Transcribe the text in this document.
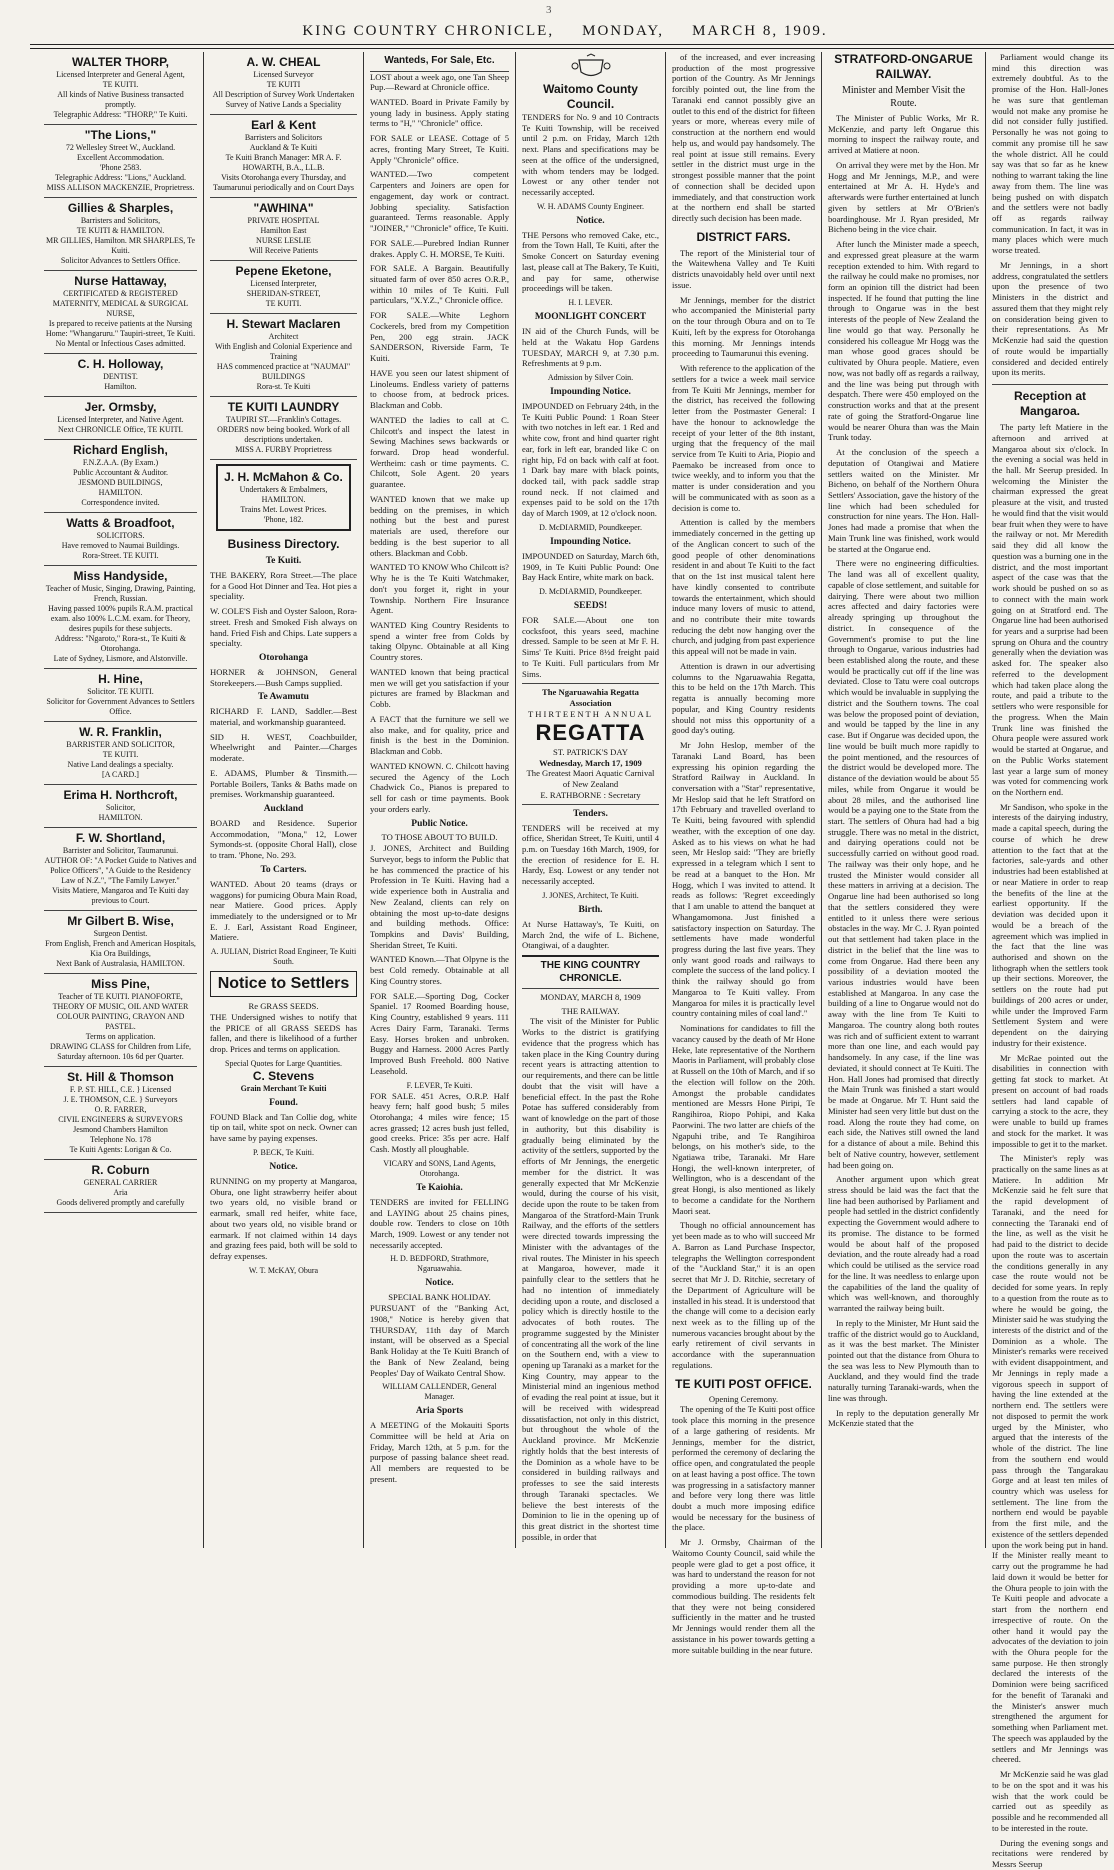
3
KING COUNTRY CHRONICLE, MONDAY, MARCH 8, 1909.
WALTER THORP,
Licensed Interpreter and General Agent,
TE KUITI.
All kinds of Native Business transacted promptly.
Telegraphic Address: "THORP," Te Kuiti.
"The Lions,"
72 Wellesley Street W., Auckland.
Excellent Accommodation.
'Phone 2583.
Telegraphic Address: "Lions," Auckland.
MISS ALLISON MACKENZIE, Proprietress.
Gillies & Sharples,
Barristers and Solicitors,
TE KUITI & HAMILTON.
MR GILLIES, Hamilton. MR SHARPLES, Te Kuiti.
Solicitor Advances to Settlers Office.
Nurse Hattaway,
CERTIFICATED & REGISTERED MATERNITY, MEDICAL & SURGICAL NURSE,
Is prepared to receive patients at the Nursing Home: "Whangaruru." Taupiri-street, Te Kuiti.
No Mental or Infectious Cases admitted.
C. H. Holloway,
DENTIST.
Hamilton.
Jer. Ormsby,
Licensed Interpreter, and Native Agent.
Next CHRONICLE Office, TE KUITI.
Richard English,
F.N.Z.A.A. (By Exam.)
Public Accountant & Auditor.
JESMOND BUILDINGS,
HAMILTON.
Correspondence invited.
Watts & Broadfoot,
SOLICITORS.
Have removed to Naumai Buildings.
Rora-Street. TE KUITI.
Miss Handyside,
Teacher of Music, Singing, Drawing, Painting, French, Russian.
Having passed 100% pupils R.A.M. practical exam. also 100% L.C.M. exam. for Theory, desires pupils for these subjects.
Address: "Ngaroto," Rora-st., Te Kuiti & Otorohanga.
Late of Sydney, Lismore, and Alstonville.
H. Hine,
Solicitor. TE KUITI.
Solicitor for Government Advances to Settlers Office.
W. R. Franklin,
BARRISTER AND SOLICITOR,
TE KUITI.
Native Land dealings a specialty.
[A CARD.]
Erima H. Northcroft,
Solicitor,
HAMILTON.
F. W. Shortland,
Barrister and Solicitor, Taumarunui.
AUTHOR OF: "A Pocket Guide to Natives and Police Officers", "A Guide to the Residency Law of N.Z.", "The Family Lawyer."
Visits Matiere, Mangaroa and Te Kuiti day previous to Court.
Mr Gilbert B. Wise,
Surgeon Dentist.
From English, French and American Hospitals,
Kia Ora Buildings,
Next Bank of Australasia, HAMILTON.
Miss Pine,
Teacher of TE KUITI. PIANOFORTE, THEORY OF MUSIC, OIL AND WATER COLOUR PAINTING, CRAYON AND PASTEL.
Terms on application.
DRAWING CLASS for Children from Life, Saturday afternoon. 10s 6d per Quarter.
St. Hill & Thomson
F. P. ST. HILL, C.E. } Licensed
J. E. THOMSON, C.E. } Surveyors
O. R. FARRER,
CIVIL ENGINEERS & SURVEYORS
Jesmond Chambers Hamilton
Telephone No. 178
Te Kuiti Agents: Lorigan & Co.
R. Coburn
GENERAL CARRIER
Aria
Goods delivered promptly and carefully
A. W. CHEAL
Licensed Surveyor
TE KUITI
All Description of Survey Work Undertaken
Survey of Native Lands a Speciality
Earl & Kent
Barristers and Solicitors
Auckland & Te Kuiti
Te Kuiti Branch Manager: MR A. F. HOWARTH, B.A., LL.B.
Visits Otorohanga every Thursday, and Taumarunui periodically and on Court Days
"AWHINA"
PRIVATE HOSPITAL
Hamilton East
NURSE LESLIE
Will Receive Patients
Pepene Eketone,
Licensed Interpreter,
SHERIDAN-STREET,
TE KUITI.
H. Stewart Maclaren
Architect
With English and Colonial Experience and Training
HAS commenced practice at "NAUMAI" BUILDINGS
Rora-st. Te Kuiti
TE KUITI LAUNDRY
TAUPIRI ST.—Franklin's Cottages.
ORDERS now being booked. Work of all descriptions undertaken.
MISS A. FURBY Proprietress
J. H. McMahon & Co.
Undertakers & Embalmers,
HAMILTON.
Trains Met. Lowest Prices.
'Phone, 182.
Business Directory.
Te Kuiti.

THE BAKERY, Rora Street.—The place for a Good Hot Dinner and Tea. Hot pies a speciality.

W. COLE'S Fish and Oyster Saloon, Rora-street. Fresh and Smoked Fish always on hand. Fried Fish and Chips. Late suppers a specialty.

Otorohanga

HORNER & JOHNSON, General Storekeepers.—Bush Camps supplied.

Te Awamutu

RICHARD F. LAND, Saddler.—Best material, and workmanship guaranteed.

SID H. WEST, Coachbuilder, Wheelwright and Painter.—Charges moderate.

E. ADAMS, Plumber & Tinsmith.—Portable Boilers, Tanks & Baths made on premises. Workmanship guaranteed.

Auckland

BOARD and Residence. Superior Accommodation, "Mona," 12, Lower Symonds-st. (opposite Choral Hall), close to tram. 'Phone, No. 293.

To Carters.

WANTED. About 20 teams (drays or waggons) for pumicing Obura Main Road, near Matiere. Good prices. Apply immediately to the undersigned or to Mr E. J. Earl, Assistant Road Engineer, Matiere.

A. JULIAN, District Road Engineer, Te Kuiti South.
Notice to Settlers
Re GRASS SEEDS.

THE Undersigned wishes to notify that the PRICE of all GRASS SEEDS has fallen, and there is likelihood of a further drop. Prices and terms on application.

Special Quotes for Large Quantities.
C. Stevens
Grain Merchant Te Kuiti
Found.

FOUND Black and Tan Collie dog, white tip on tail, white spot on neck. Owner can have same by paying expenses.

P. BECK, Te Kuiti.
Notice.

RUNNING on my property at Mangaroa, Obura, one light strawberry heifer about two years old, no visible brand or earmark, small red heifer, white face, about two years old, no visible brand or earmark. If not claimed within 14 days and grazing fees paid, both will be sold to defray expenses.

W. T. McKAY, Obura
Wanteds, For Sale, Etc.

LOST about a week ago, one Tan Sheep Pup.—Reward at Chronicle office.

WANTED. Board in Private Family by young lady in business. Apply stating terms to "H," "Chronicle" office.

FOR SALE or LEASE. Cottage of 5 acres, fronting Mary Street, Te Kuiti. Apply "Chronicle" office.

WANTED.—Two competent Carpenters and Joiners are open for engagement, day work or contract. Jobbing speciality. Satisfaction guaranteed. Terms reasonable. Apply "JOINER," "Chronicle" office, Te Kuiti.

FOR SALE.—Purebred Indian Runner drakes. Apply C. H. MORSE, Te Kuiti.

FOR SALE. A Bargain. Beautifully situated farm of over 850 acres O.R.P., within 10 miles of Te Kuiti. Full particulars, "X.Y.Z.," Chronicle office.

FOR SALE.—White Leghorn Cockerels, bred from my Competition Pen, 200 egg strain. JACK SANDERSON, Riverside Farm, Te Kuiti.

HAVE you seen our latest shipment of Linoleums. Endless variety of patterns to choose from, at bedrock prices. Blackman and Cobb.

WANTED the ladies to call at C. Chilcott's and inspect the latest in Sewing Machines sews backwards or forward. Drop head wonderful. Wertheim: cash or time payments. C. Chilcott, Sole Agent. 20 years guarantee.

WANTED known that we make up bedding on the premises, in which nothing but the best and purest materials are used, therefore our bedding is the best superior to all others. Blackman and Cobb.

WANTED TO KNOW Who Chilcott is? Why he is the Te Kuiti Watchmaker, don't you forget it, right in your Township. Northern Fire Insurance Agent.

WANTED King Country Residents to spend a winter free from Colds by taking Olpync. Obtainable at all King Country stores.

WANTED known that being practical men we will get you satisfaction if your pictures are framed by Blackman and Cobb.

A FACT that the furniture we sell we also make, and for quality, price and finish is the best in the Dominion. Blackman and Cobb.

WANTED KNOWN. C. Chilcott having secured the Agency of the Loch Chadwick Co., Pianos is prepared to sell for cash or time payments. Book your orders early.

Public Notice.
TO THOSE ABOUT TO BUILD.

J. JONES, Architect and Building Surveyor, begs to inform the Public that he has commenced the practice of his Profession in Te Kuiti. Having had a wide experience both in Australia and New Zealand, clients can rely on obtaining the most up-to-date designs and building methods. Office: Tompkins and Davis' Building, Sheridan Street, Te Kuiti.

WANTED Known.—That Olpyne is the best Cold remedy. Obtainable at all King Country stores.

FOR SALE.—Sporting Dog, Cocker Spaniel. 17 Roomed Boarding house, King Country, established 9 years. 111 Acres Dairy Farm, Taranaki. Terms Easy. Horses broken and unbroken. Buggy and Harness. 2000 Acres Partly Improved Bush Freehold. 800 Native Leasehold.

F. LEVER, Te Kuiti.

FOR SALE. 451 Acres, O.R.P. Half heavy fern; half good bush; 5 miles Otorohanga; 4 miles wire fence; 15 acres grassed; 12 acres bush just felled, good creeks. Price: 35s per acre. Half Cash. Mostly all ploughable.

VICARY and SONS, Land Agents, Otorohanga.
Te Kaiohia.

TENDERS are invited for FELLING and LAYING about 25 chains pines, double row. Tenders to close on 10th March, 1909. Lowest or any tender not necessarily accepted.

H. D. BEDFORD, Strathmore, Ngaruawahia.
Notice.
SPECIAL BANK HOLIDAY.

PURSUANT of the "Banking Act, 1908," Notice is hereby given that THURSDAY, 11th day of March instant, will be observed as a Special Bank Holiday at the Te Kuiti Branch of the Bank of New Zealand, being Peoples' Day of Waikato Central Show.

WILLIAM CALLENDER, General Manager.
Aria Sports

A MEETING of the Mokauiti Sports Committee will be held at Aria on Friday, March 12th, at 5 p.m. for the purpose of passing balance sheet read. All members are requested to be present.

Waitomo County Council.

TENDERS for No. 9 and 10 Contracts Te Kuiti Township, will be received until 2 p.m. on Friday, March 12th next. Plans and specifications may be seen at the office of the undersigned, with whom tenders may be lodged. Lowest or any other tender not necessarily accepted.

W. H. ADAMS County Engineer.
Notice.

THE Persons who removed Cake, etc., from the Town Hall, Te Kuiti, after the Smoke Concert on Saturday evening last, please call at The Bakery, Te Kuiti, and pay for same, otherwise proceedings will be taken.

H. I. LEVER.
MOONLIGHT CONCERT

IN aid of the Church Funds, will be held at the Wakatu Hop Gardens TUESDAY, MARCH 9, at 7.30 p.m. Refreshments at 9 p.m.

Admission by Silver Coin.
Impounding Notice.

IMPOUNDED on February 24th, in the Te Kuiti Public Pound: 1 Roan Steer with two notches in left ear. 1 Red and white cow, front and hind quarter right ear, fork in left ear, branded like C on right hip, Fd on back with calf at foot. 1 Dark bay mare with black points, docked tail, with pack saddle strap round neck. If not claimed and expenses paid to be sold on the 17th day of March 1909, at 12 o'clock noon.

D. McDIARMID, Poundkeeper.
Impounding Notice.

IMPOUNDED on Saturday, March 6th, 1909, in Te Kuiti Public Pound: One Bay Hack Entire, white mark on back.

D. McDIARMID, Poundkeeper.
SEEDS!

FOR SALE.—About one ton cocksfoot, this years seed, machine dressed. Sample to be seen at Mr F. H. Sims' Te Kuiti. Price 8½d freight paid to Te Kuiti. Full particulars from Mr Sims.

The Ngaruawahia Regatta Association
THIRTEENTH ANNUAL
REGATTA
ST. PATRICK'S DAY
Wednesday, March 17, 1909
The Greatest Maori Aquatic Carnival of New Zealand
E. RATHBORNE : Secretary
Tenders.

TENDERS will be received at my office, Sheridan Street, Te Kuiti, until 4 p.m. on Tuesday 16th March, 1909, for the erection of residence for E. H. Hardy, Esq. Lowest or any tender not necessarily accepted.

J. JONES, Architect, Te Kuiti.
Birth.

At Nurse Hattaway's, Te Kuiti, on March 2nd, the wife of L. Bichene, Otangiwai, of a daughter.

THE KING COUNTRY CHRONICLE.
MONDAY, MARCH 8, 1909
THE RAILWAY.

The visit of the Minister for Public Works to the district is gratifying evidence that the progress which has taken place in the King Country during recent years is attracting attention to our requirements, and there can be little doubt that the visit will have a beneficial effect. In the past the Rohe Potae has suffered considerably from want of knowledge on the part of those in authority, but this disability is gradually being eliminated by the activity of the settlers, supported by the efforts of Mr Jennings, the energetic member for the district. It was generally expected that Mr McKenzie would, during the course of his visit, decide upon the route to be taken from Mangaroa of the Stratford-Main Trunk Railway, and the efforts of the settlers were directed towards impressing the Minister with the advantages of the rival routes. The Minister in his speech at Mangaroa, however, made it painfully clear to the settlers that he had no intention of immediately deciding upon a route, and disclosed a policy which is directly hostile to the advocates of both routes. The programme suggested by the Minister of concentrating all the work of the line on the Southern end, with a view to opening up Taranaki as a market for the King Country, may appear to the Ministerial mind an ingenious method of evading the real point at issue, but it will be received with widespread dissatisfaction, not only in this district, but throughout the whole of the Auckland province. Mr McKenzie rightly holds that the best interests of the Dominion as a whole have to be considered in building railways and professes to see the said interests through Taranaki spectacles. We believe the best interests of the Dominion to lie in the opening up of this great district in the shortest time possible, in order that

of the increased, and ever increasing production of the most progressive portion of the Country. As Mr Jennings forcibly pointed out, the line from the Taranaki end cannot possibly give an outlet to this end of the district for fifteen years or more, whereas every mile of construction at the northern end would help us, and would pay handsomely. The real point at issue still remains. Every settler in the district must urge in the strongest possible manner that the point of connection shall be decided upon immediately, and that construction work at the northern end shall be started directly such decision has been made.

DISTRICT FARS.

The report of the Ministerial tour of the Waitewhena Valley and Te Kuiti districts unavoidably held over until next issue.

Mr Jennings, member for the district who accompanied the Ministerial party on the tour through Obura and on to Te Kuiti, left by the express for Otorohanga this morning. Mr Jennings intends proceeding to Taumarunui this evening.

With reference to the application of the settlers for a twice a week mail service from Te Kuiti Mr Jennings, member for the district, has received the following letter from the Postmaster General: I have the honour to acknowledge the receipt of your letter of the 8th instant, urging that the frequency of the mail service from Te Kuiti to Aria, Piopio and Paemako be increased from once to twice weekly, and to inform you that the matter is under consideration and you will be communicated with as soon as a decision is come to.

Attention is called by the members immediately concerned in the getting up of the Anglican concert to such of the good people of other denominations resident in and about Te Kuiti to the fact that on the 1st inst musical talent here have kindly consented to contribute towards the entertainment, which should induce many lovers of music to attend, and no contribute their mite towards reducing the debt now hanging over the church, and judging from past experience this appeal will not be made in vain.

Attention is drawn in our advertising columns to the Ngaruawahia Regatta, this to be held on the 17th March. This regatta is annually becoming more popular, and King Country residents should not miss this opportunity of a good day's outing.

Mr John Heslop, member of the Taranaki Land Board, has been expressing his opinion regarding the Stratford Railway in Auckland. In conversation with a "Star" representative, Mr Heslop said that he left Stratford on 17th February and travelled overland to Te Kuiti, being favoured with splendid weather, with the exception of one day. Asked as to his views on what he had seen, Mr Heslop said: "They are briefly expressed in a telegram which I sent to be read at a banquet to the Hon. Mr Hogg, which I was invited to attend. It reads as follows: 'Regret exceedingly that I am unable to attend the banquet at Whangamomona. Just finished a satisfactory inspection on Saturday. The settlements have made wonderful progress during the last five years. They only want good roads and railways to complete the success of the land policy. I think the railway should go from Mangaroa to Te Kuiti valley. From Mangaroa for miles it is practically level country containing miles of coal land'."

Nominations for candidates to fill the vacancy caused by the death of Mr Hone Heke, late representative of the Northern Maoris in Parliament, will probably close at Russell on the 10th of March, and if so the election will follow on the 20th. Amongst the probable candidates mentioned are Messrs Hone Piripi, Te Rangihiroa, Riopo Pohipi, and Kaka Paorwini. The two latter are chiefs of the Ngapuhi tribe, and Te Rangihiroa belongs, on his mother's side, to the Ngatiawa tribe, Taranaki. Mr Hare Hongi, the well-known interpreter, of Wellington, who is a descendant of the great Hongi, is also mentioned as likely to become a candidate for the Northern Maori seat.

Though no official announcement has yet been made as to who will succeed Mr A. Barron as Land Purchase Inspector, telegraphs the Wellington correspondent of the "Auckland Star," it is an open secret that Mr J. D. Ritchie, secretary of the Department of Agriculture will be installed in his stead. It is understood that the change will come to a decision early next week as to the filling up of the numerous vacancies brought about by the early retirement of civil servants in accordance with the superannuation regulations.

TE KUITI POST OFFICE.
Opening Ceremony.

The opening of the Te Kuiti post office took place this morning in the presence of a large gathering of residents. Mr Jennings, member for the district, performed the ceremony of declaring the office open, and congratulated the people on at least having a post office. The town was progressing in a satisfactory manner and before very long there was little doubt a much more imposing edifice would be necessary for the business of the place.

Mr J. Ormsby, Chairman of the Waitomo County Council, said while the people were glad to get a post office, it was hard to understand the reason for not providing a more up-to-date and commodious building. The residents felt that they were not being considered sufficiently in the matter and he trusted Mr Jennings would render them all the assistance in his power towards getting a more suitable building in the near future.

STRATFORD-ONGARUE RAILWAY.
Minister and Member Visit the Route.

The Minister of Public Works, Mr R. McKenzie, and party left Ongarue this morning to inspect the railway route, and arrived at Matiere at noon.

On arrival they were met by the Hon. Mr Hogg and Mr Jennings, M.P., and were entertained at Mr A. H. Hyde's and afterwards were further entertained at lunch given by settlers at Mr O'Brien's boardinghouse. Mr J. Ryan presided, Mr Bicheno being in the vice chair.

After lunch the Minister made a speech, and expressed great pleasure at the warm reception extended to him. With regard to the railway he could make no promises, nor form an opinion till the district had been inspected. If he found that putting the line through to Ongarue was in the best interests of the people of New Zealand the line would go that way. Personally he considered his colleague Mr Hogg was the man whose good graces should be cultivated by Ohura people. Matiere, even now, was not badly off as regards a railway, and the line was being put through with despatch. There were 450 employed on the construction works and that at the present rate of going the Stratford-Ongarue line would be nearer Ohura than was the Main Trunk today.

At the conclusion of the speech a deputation of Otangiwai and Matiere settlers waited on the Minister. Mr Bicheno, on behalf of the Northern Ohura Settlers' Association, gave the history of the line which had been scheduled for construction for nine years. The Hon. Hall-Jones had made a promise that when the Main Trunk line was finished, work would be started at the Ongarue end.

There were no engineering difficulties. The land was all of excellent quality, capable of close settlement, and suitable for dairying. There were about two million acres affected and dairy factories were already springing up throughout the district. In consequence of the Government's promise to put the line through to Ongarue, various industries had been established along the route, and these would be practically cut off if the line was deviated. Close to Tatu were coal outcrops which would be invaluable in supplying the district and the Southern towns. The coal was below the proposed point of deviation, and would be tapped by the line in any case. But if Ongarue was decided upon, the line would be built much more rapidly to the point mentioned, and the resources of the district would be developed more. The distance of the deviation would be about 55 miles, while from Ongarue it would be about 28 miles, and the authorised line would be a paying one to the State from the start. The settlers of Ohura had had a big struggle. There was no metal in the district, and dairying operations could not be successfully carried on without good road. The railway was their only hope, and he trusted the Minister would consider all these matters in arriving at a decision. The Ongarue line had been authorised so long that the settlers considered they were entitled to it unless there were serious obstacles in the way. Mr C. J. Ryan pointed out that settlement had taken place in the district in the belief that the line was to come from Ongarue. Had there been any possibility of a deviation mooted the various industries would have been established at Mangaroa. In any case the building of a line to Ongarue would not do away with the line from Te Kuiti to Mangaroa. The country along both routes was rich and of sufficient extent to warrant more than one line, and each would pay handsomely. In any case, if the line was deviated, it should connect at Te Kuiti. The Hon. Hall Jones had promised that directly the Main Trunk was finished a start would be made at Ongarue. Mr T. Hunt said the Minister had seen very little but dust on the road. Along the route they had come, on each side, the Natives still owned the land for a distance of about a mile. Behind this belt of Native country, however, settlement had been going on.

Another argument upon which great stress should be laid was the fact that the line had been authorised by Parliament and people had settled in the district confidently expecting the Government would adhere to its promise. The distance to be formed would be about half of the proposed deviation, and the route already had a road which could be utilised as the service road for the line. It was needless to enlarge upon the capabilities of the land the quality of which was well-known, and thoroughly warranted the railway being built.

In reply to the Minister, Mr Hunt said the traffic of the district would go to Auckland, as it was the best market. The Minister pointed out that the distance from Ohura to the sea was less to New Plymouth than to Auckland, and they would find the trade naturally turning Taranaki-wards, when the line was through.

In reply to the deputation generally Mr McKenzie stated that the

Parliament would change its mind this direction was extremely doubtful. As to the promise of the Hon. Hall-Jones he was sure that gentleman would not make any promise he did not consider fully justified. Personally he was not going to commit any promise till he saw the whole district. All he could say was that so far as he knew nothing to warrant taking the line away from them. The line was being pushed on with dispatch and the settlers were not badly off as regards railway communication. In fact, it was in many places which were much worse treated.

Mr Jennings, in a short address, congratulated the settlers upon the presence of two Ministers in the district and assured them that they might rely on consideration being given to their representations. As Mr McKenzie had said the question of route would be impartially considered and decided entirely upon its merits.

Reception at Mangaroa.

The party left Matiere in the afternoon and arrived at Mangaroa about six o'clock. In the evening a social was held in the hall. Mr Seerup presided. In welcoming the Minister the chairman expressed the great pleasure at the visit, and trusted he would find that the visit would bear fruit when they were to have the railway or not. Mr Meredith said they did all know the question was a burning one in the district, and the most important aspect of the case was that the work should be pushed on so as to connect with the main work going on at Stratford end. The Ongarue line had been authorised for years and a surprise had been sprung on Ohura and the country generally when the deviation was asked for. The speaker also referred to the development which had taken place along the route, and paid a tribute to the settlers who were responsible for the progress. When the Main Trunk line was finished the Ohura people were assured work would be started at Ongarue, and on the Public Works statement last year a large sum of money was voted for commencing work on the Northern end.

Mr Sandison, who spoke in the interests of the dairying industry, made a capital speech, during the course of which he drew attention to the fact that at the factories, sale-yards and other industries had been established at or near Matiere in order to reap the benefits of the line at the earliest opportunity. If the deviation was decided upon it would be a breach of the agreement which was implied in the fact that the line was authorised and shown on the lithograph when the settlers took up their sections. Moreover, the settlers on the route had put buildings of 200 acres or under, while under the Improved Farm Settlement System and were dependent on the dairying industry for their existence.

Mr McRae pointed out the disabilities in connection with getting fat stock to market. At present on account of bad roads settlers had land capable of carrying a stock to the acre, they were unable to build up frames and stock for the market. It was impossible to get it to the market.

The Minister's reply was practically on the same lines as at Matiere. In addition Mr McKenzie said he felt sure that the rapid development of Taranaki, and the need for connecting the Taranaki end of the line, as well as the visit he had paid to the district to decide upon the route was to ascertain the conditions generally in any case the route would not be decided for some years. In reply to a question from the route as to where he would be going, the Minister said he was studying the interests of the district and of the Dominion as a whole. The Minister's remarks were received with evident disappointment, and Mr Jennings in reply made a vigorous speech in support of having the line extended at the northern end. The settlers were not disposed to permit the work urged by the Minister, who argued that the interests of the whole of the district. The line from the southern end would pass through the Tangarakau Gorge and at least ten miles of country which was useless for settlement. The line from the northern end would be payable from the first mile, and the existence of the settlers depended upon the work being put in hand. If the Minister really meant to carry out the programme he had laid down it would be better for the Ohura people to join with the Te Kuiti people and advocate a start from the northern end irrespective of route. On the other hand it would pay the advocates of the deviation to join with the Ohura people for the same purpose. He then strongly declared the interests of the Dominion were being sacrificed for the benefit of Taranaki and the Minister's answer much strengthened the argument for something when Parliament met. The speech was applauded by the settlers and Mr Jennings was cheered.

Mr McKenzie said he was glad to be on the spot and it was his wish that the work could be carried out as speedily as possible and he recommended all to be interested in the route.

During the evening songs and recitations were rendered by Messrs Seerup
